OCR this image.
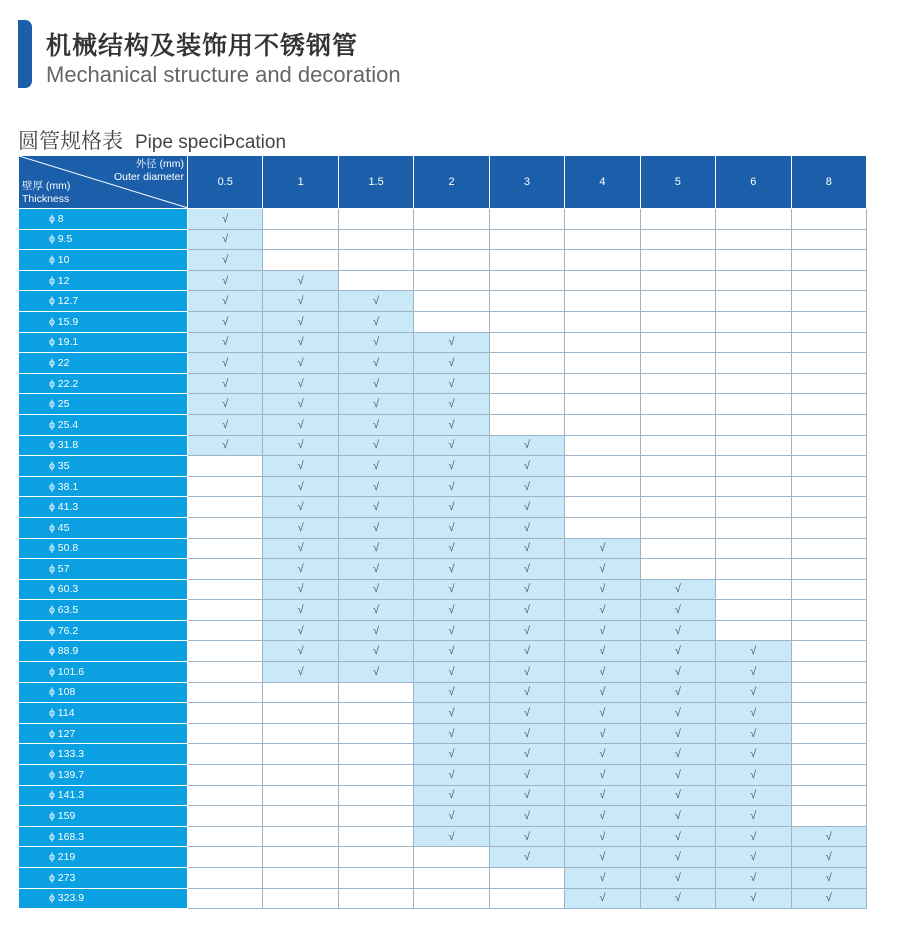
机械结构及装饰用不锈钢管
Mechanical structure and decoration
圆管规格表 Pipe speciÞcation
外径 (mm)
Outer diameter
壁厚 (mm)
Thickness	0.5	1	1.5	2	3	4	5	6	8
ϕ 8	√								
ϕ 9.5	√								
ϕ 10	√								
ϕ 12	√	√							
ϕ 12.7	√	√	√						
ϕ 15.9	√	√	√						
ϕ 19.1	√	√	√	√					
ϕ 22	√	√	√	√					
ϕ 22.2	√	√	√	√					
ϕ 25	√	√	√	√					
ϕ 25.4	√	√	√	√					
ϕ 31.8	√	√	√	√	√				
ϕ 35		√	√	√	√				
ϕ 38.1		√	√	√	√				
ϕ 41.3		√	√	√	√				
ϕ 45		√	√	√	√				
ϕ 50.8		√	√	√	√	√			
ϕ 57		√	√	√	√	√			
ϕ 60.3		√	√	√	√	√	√		
ϕ 63.5		√	√	√	√	√	√		
ϕ 76.2		√	√	√	√	√	√		
ϕ 88.9		√	√	√	√	√	√	√	
ϕ 101.6		√	√	√	√	√	√	√	
ϕ 108				√	√	√	√	√	
ϕ 114				√	√	√	√	√	
ϕ 127				√	√	√	√	√	
ϕ 133.3				√	√	√	√	√	
ϕ 139.7				√	√	√	√	√	
ϕ 141.3				√	√	√	√	√	
ϕ 159				√	√	√	√	√	
ϕ 168.3				√	√	√	√	√	√
ϕ 219					√	√	√	√	√
ϕ 273						√	√	√	√
ϕ 323.9						√	√	√	√
